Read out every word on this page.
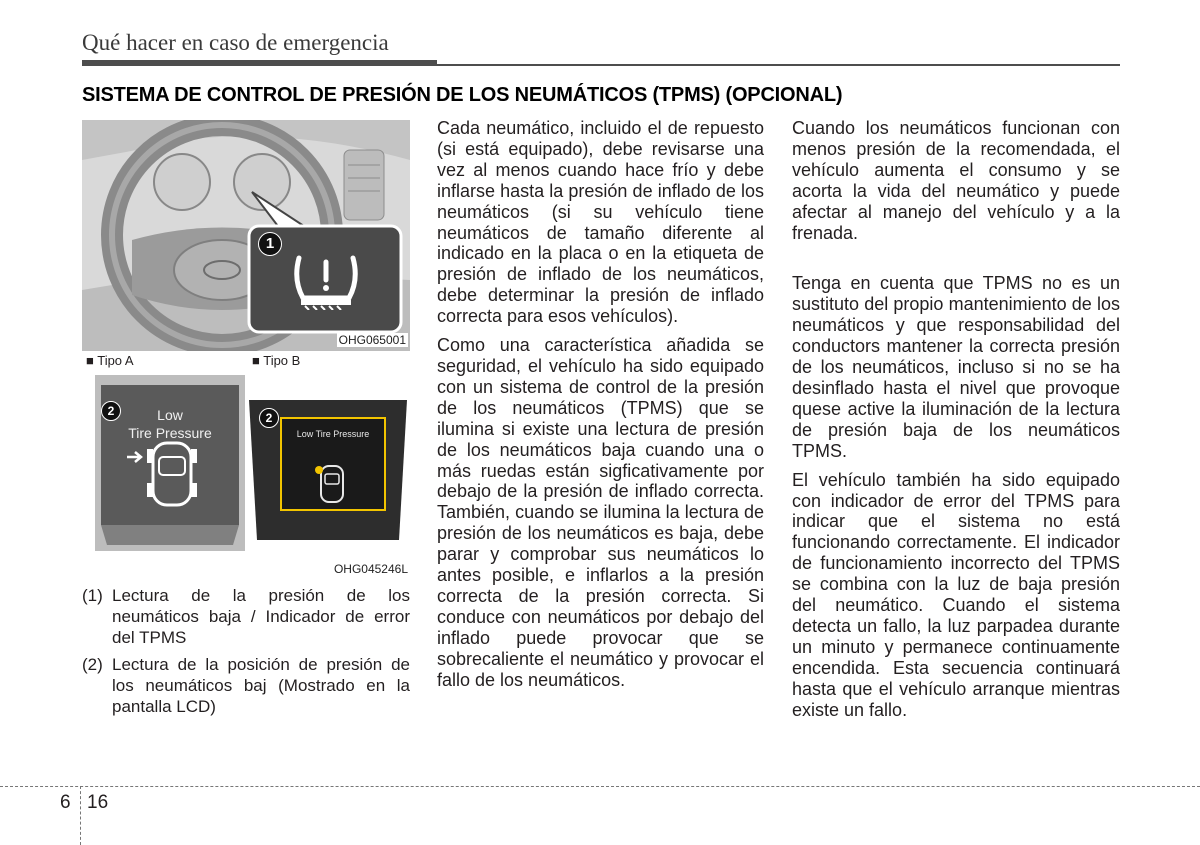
Qué hacer en caso de emergencia
SISTEMA DE CONTROL DE PRESIÓN DE LOS NEUMÁTICOS (TPMS) (OPCIONAL)
1
OHG065001
■ Tipo A	■ Tipo B
Low
Tire Pressure
2
Low Tire Pressure
2
OHG045246L
(1) Lectura de la presión de los neumáticos baja / Indicador de error del TPMS
(2) Lectura de la posición de presión de los neumáticos baj (Mostrado en la pantalla LCD)

Cada neumático, incluido el de repuesto (si está equipado), debe revisarse una vez al menos cuando hace frío y debe inflarse hasta la presión de inflado de los neumáticos (si su vehículo tiene neumáticos de tamaño diferente al indicado en la placa o en la etiqueta de presión de inflado de los neumáticos, debe determinar la presión de inflado correcta para esos vehículos).

Como una característica añadida se seguridad, el vehículo ha sido equipado con un sistema de control de la presión de los neumáticos (TPMS) que se ilumina si existe una lectura de presión de los neumáticos baja cuando una o más ruedas están sigficativamente por debajo de la presión de inflado correcta. También, cuando se ilumina la lectura de presión de los neumáticos es baja, debe parar y comprobar sus neumáticos lo antes posible, e inflarlos a la presión correcta de la presión correcta. Si conduce con neumáticos por debajo del inflado puede provocar que se sobrecaliente el neumático y provocar el fallo de los neumáticos.

Cuando los neumáticos funcionan con menos presión de la recomendada, el vehículo aumenta el consumo y se acorta la vida del neumático y puede afectar al manejo del vehículo y a la frenada.

Tenga en cuenta que TPMS no es un sustituto del propio mantenimiento de los neumáticos y que responsabilidad del conductors mantener la correcta presión de los neumáticos, incluso si no se ha desinflado hasta el nivel que provoque quese active la iluminación de la lectura de presión baja de los neumáticos TPMS.

El vehículo también ha sido equipado con indicador de error del TPMS para indicar que el sistema no está funcionando correctamente. El indicador de funcionamiento incorrecto del TPMS se combina con la luz de baja presión del neumático. Cuando el sistema detecta un fallo, la luz parpadea durante un minuto y permanece continuamente encendida. Esta secuencia continuará hasta que el vehículo arranque mientras existe un fallo.

6 16
